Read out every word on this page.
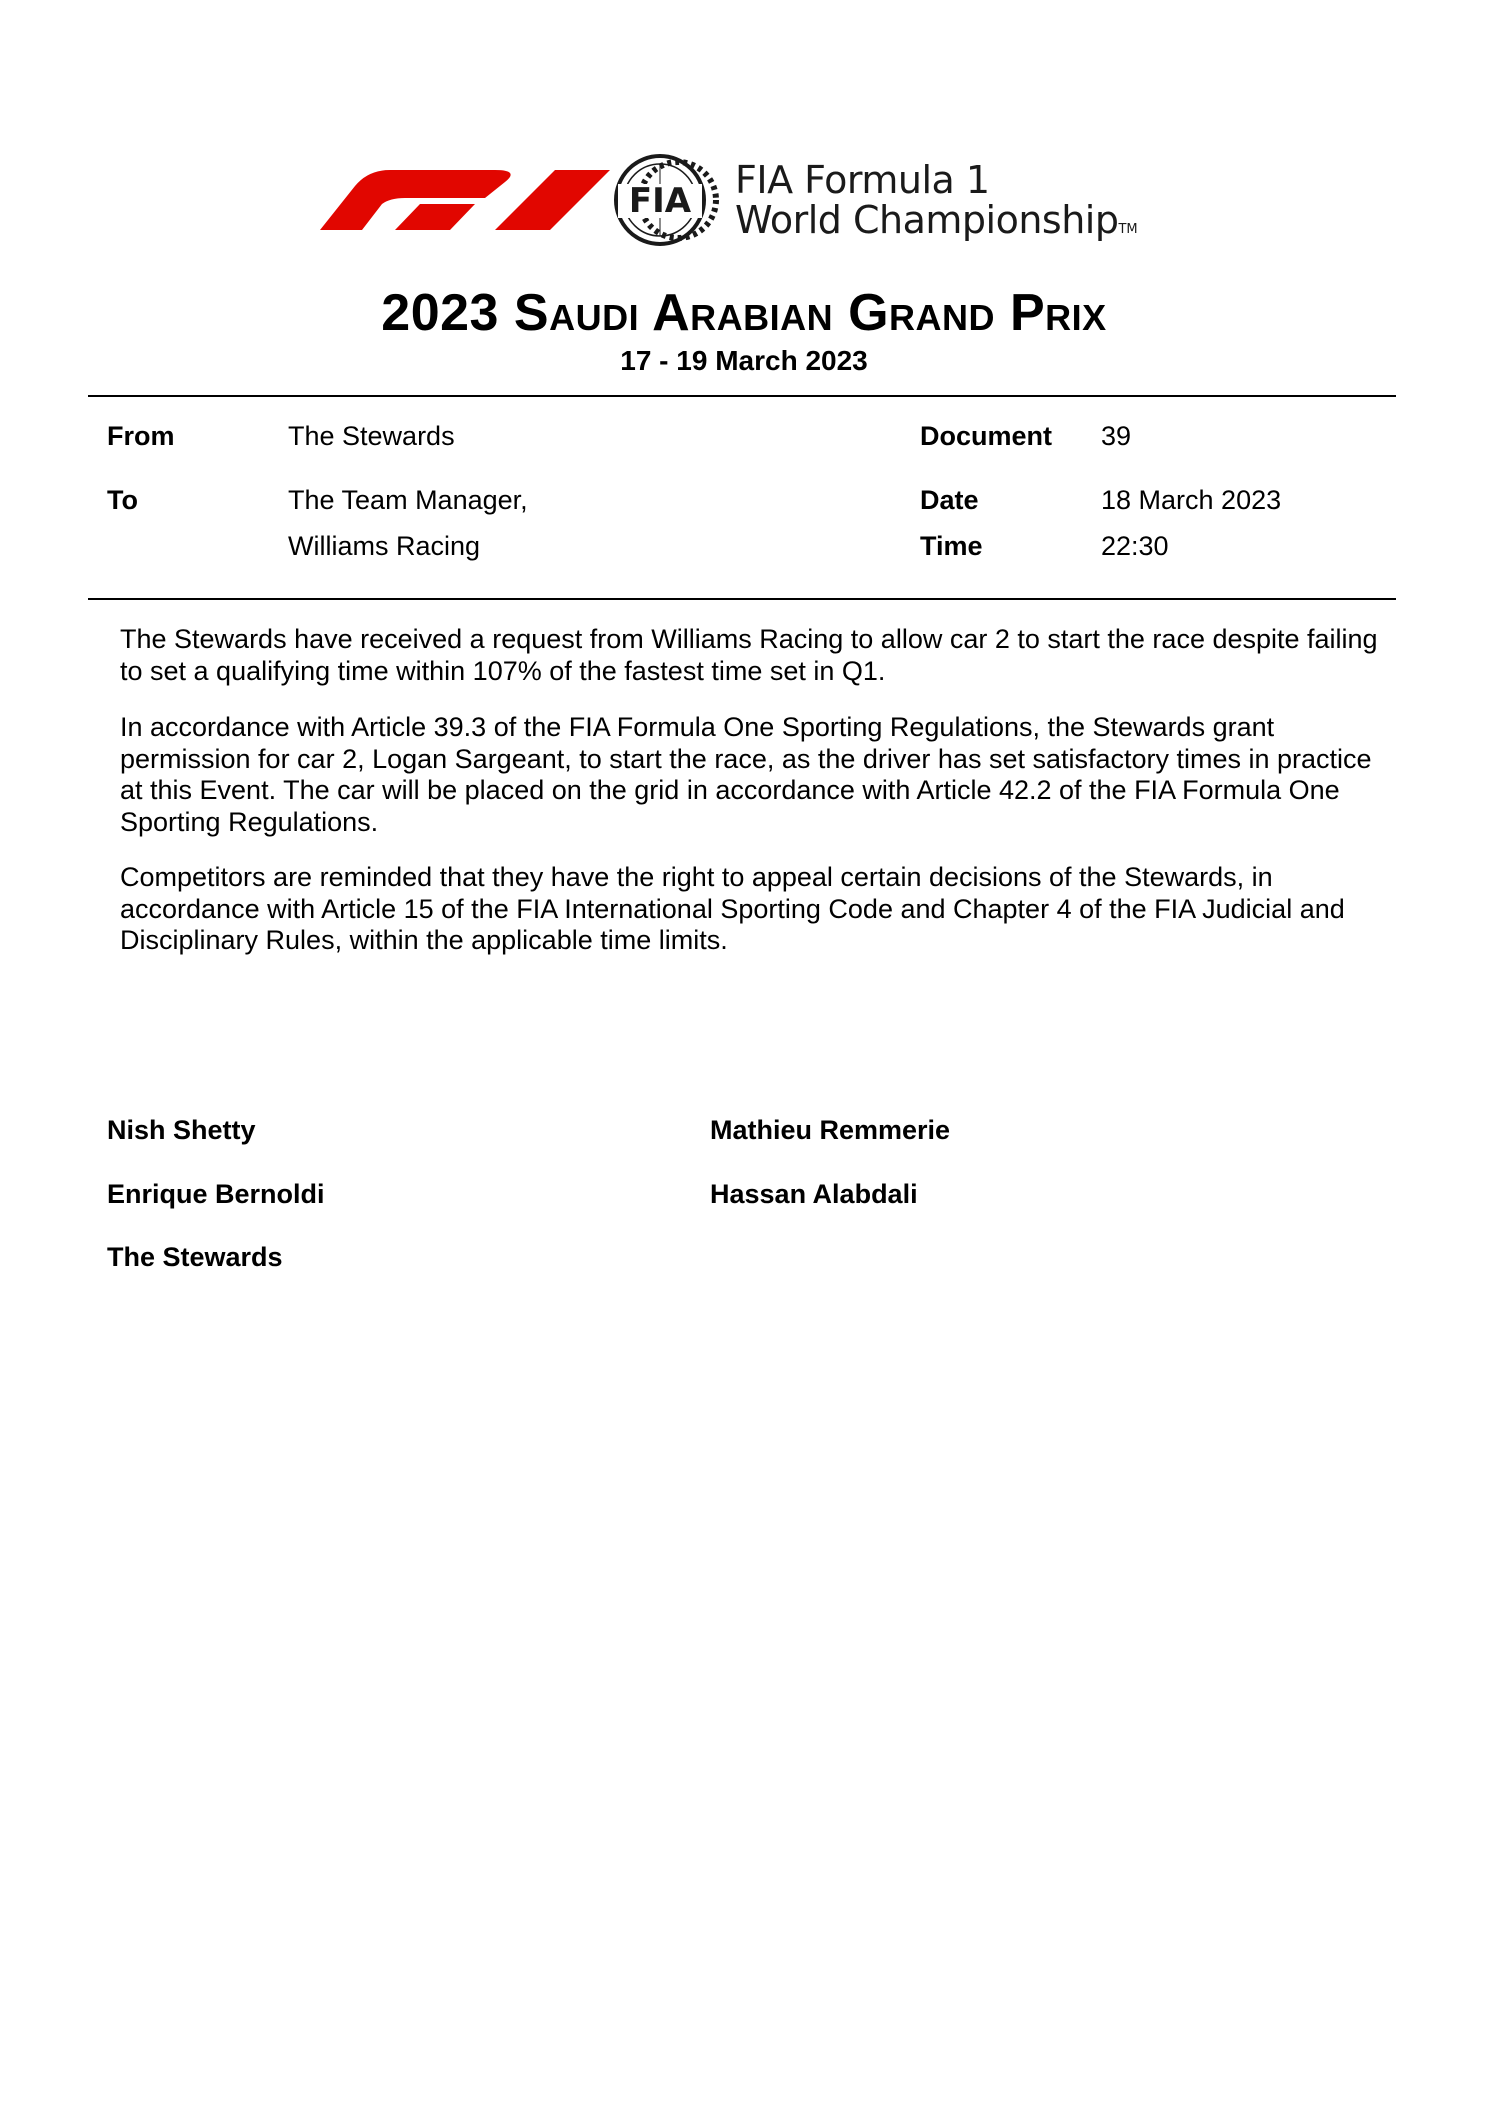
FIA FIA Formula 1
World ChampionshipTM
2023 Saudi Arabian Grand Prix
17 - 19 March 2023
From	The Stewards	Document 39
To	The Team Manager,
Williams Racing
Date	18 March 2023
Time	22:30

The Stewards have received a request from Williams Racing to allow car 2 to start the race despite failing to set a qualifying time within 107% of the fastest time set in Q1.

In accordance with Article 39.3 of the FIA Formula One Sporting Regulations, the Stewards grant permission for car 2, Logan Sargeant, to start the race, as the driver has set satisfactory times in practice at this Event. The car will be placed on the grid in accordance with Article 42.2 of the FIA Formula One Sporting Regulations.

Competitors are reminded that they have the right to appeal certain decisions of the Stewards, in accordance with Article 15 of the FIA International Sporting Code and Chapter 4 of the FIA Judicial and Disciplinary Rules, within the applicable time limits.

Nish Shetty
Enrique Bernoldi
The Stewards
Mathieu Remmerie
Hassan Alabdali
